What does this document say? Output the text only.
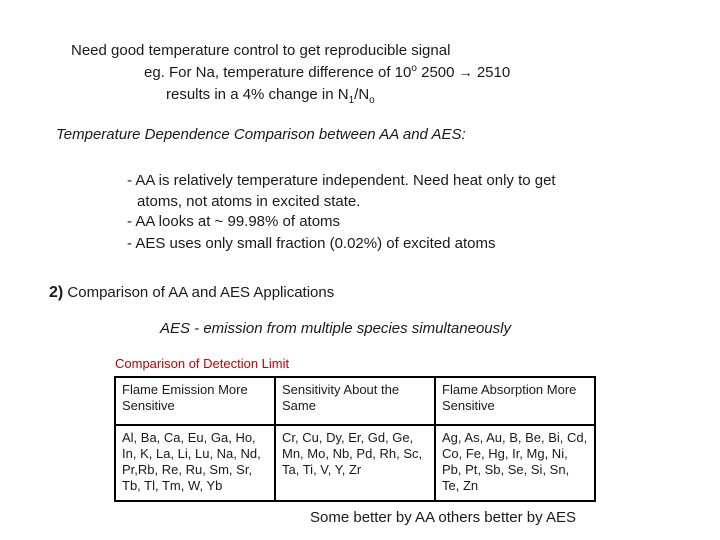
Need good temperature control to get reproducible signal
eg. For Na, temperature difference of 10$^o$ 2500 → 2510
results in a 4% change in $N_1/N_o$
Temperature Dependence Comparison between AA and AES:
- AA is relatively temperature independent. Need heat only to get
atoms, not atoms in excited state.
- AA looks at ~ 99.98% of atoms
- AES uses only small fraction (0.02%) of excited atoms
2) Comparison of AA and AES Applications
AES - emission from multiple species simultaneously
Comparison of Detection Limit
Flame Emission More Sensitive	Sensitivity About the Same	Flame Absorption More Sensitive
Al, Ba, Ca, Eu, Ga, Ho, In, K, La, Li, Lu, Na, Nd, Pr,Rb, Re, Ru, Sm, Sr, Tb, Tl, Tm, W, Yb	Cr, Cu, Dy, Er, Gd, Ge, Mn, Mo, Nb, Pd, Rh, Sc, Ta, Ti, V, Y, Zr	Ag, As, Au, B, Be, Bi, Cd, Co, Fe, Hg, Ir, Mg, Ni, Pb, Pt, Sb, Se, Si, Sn, Te, Zn
Some better by AA others better by AES
